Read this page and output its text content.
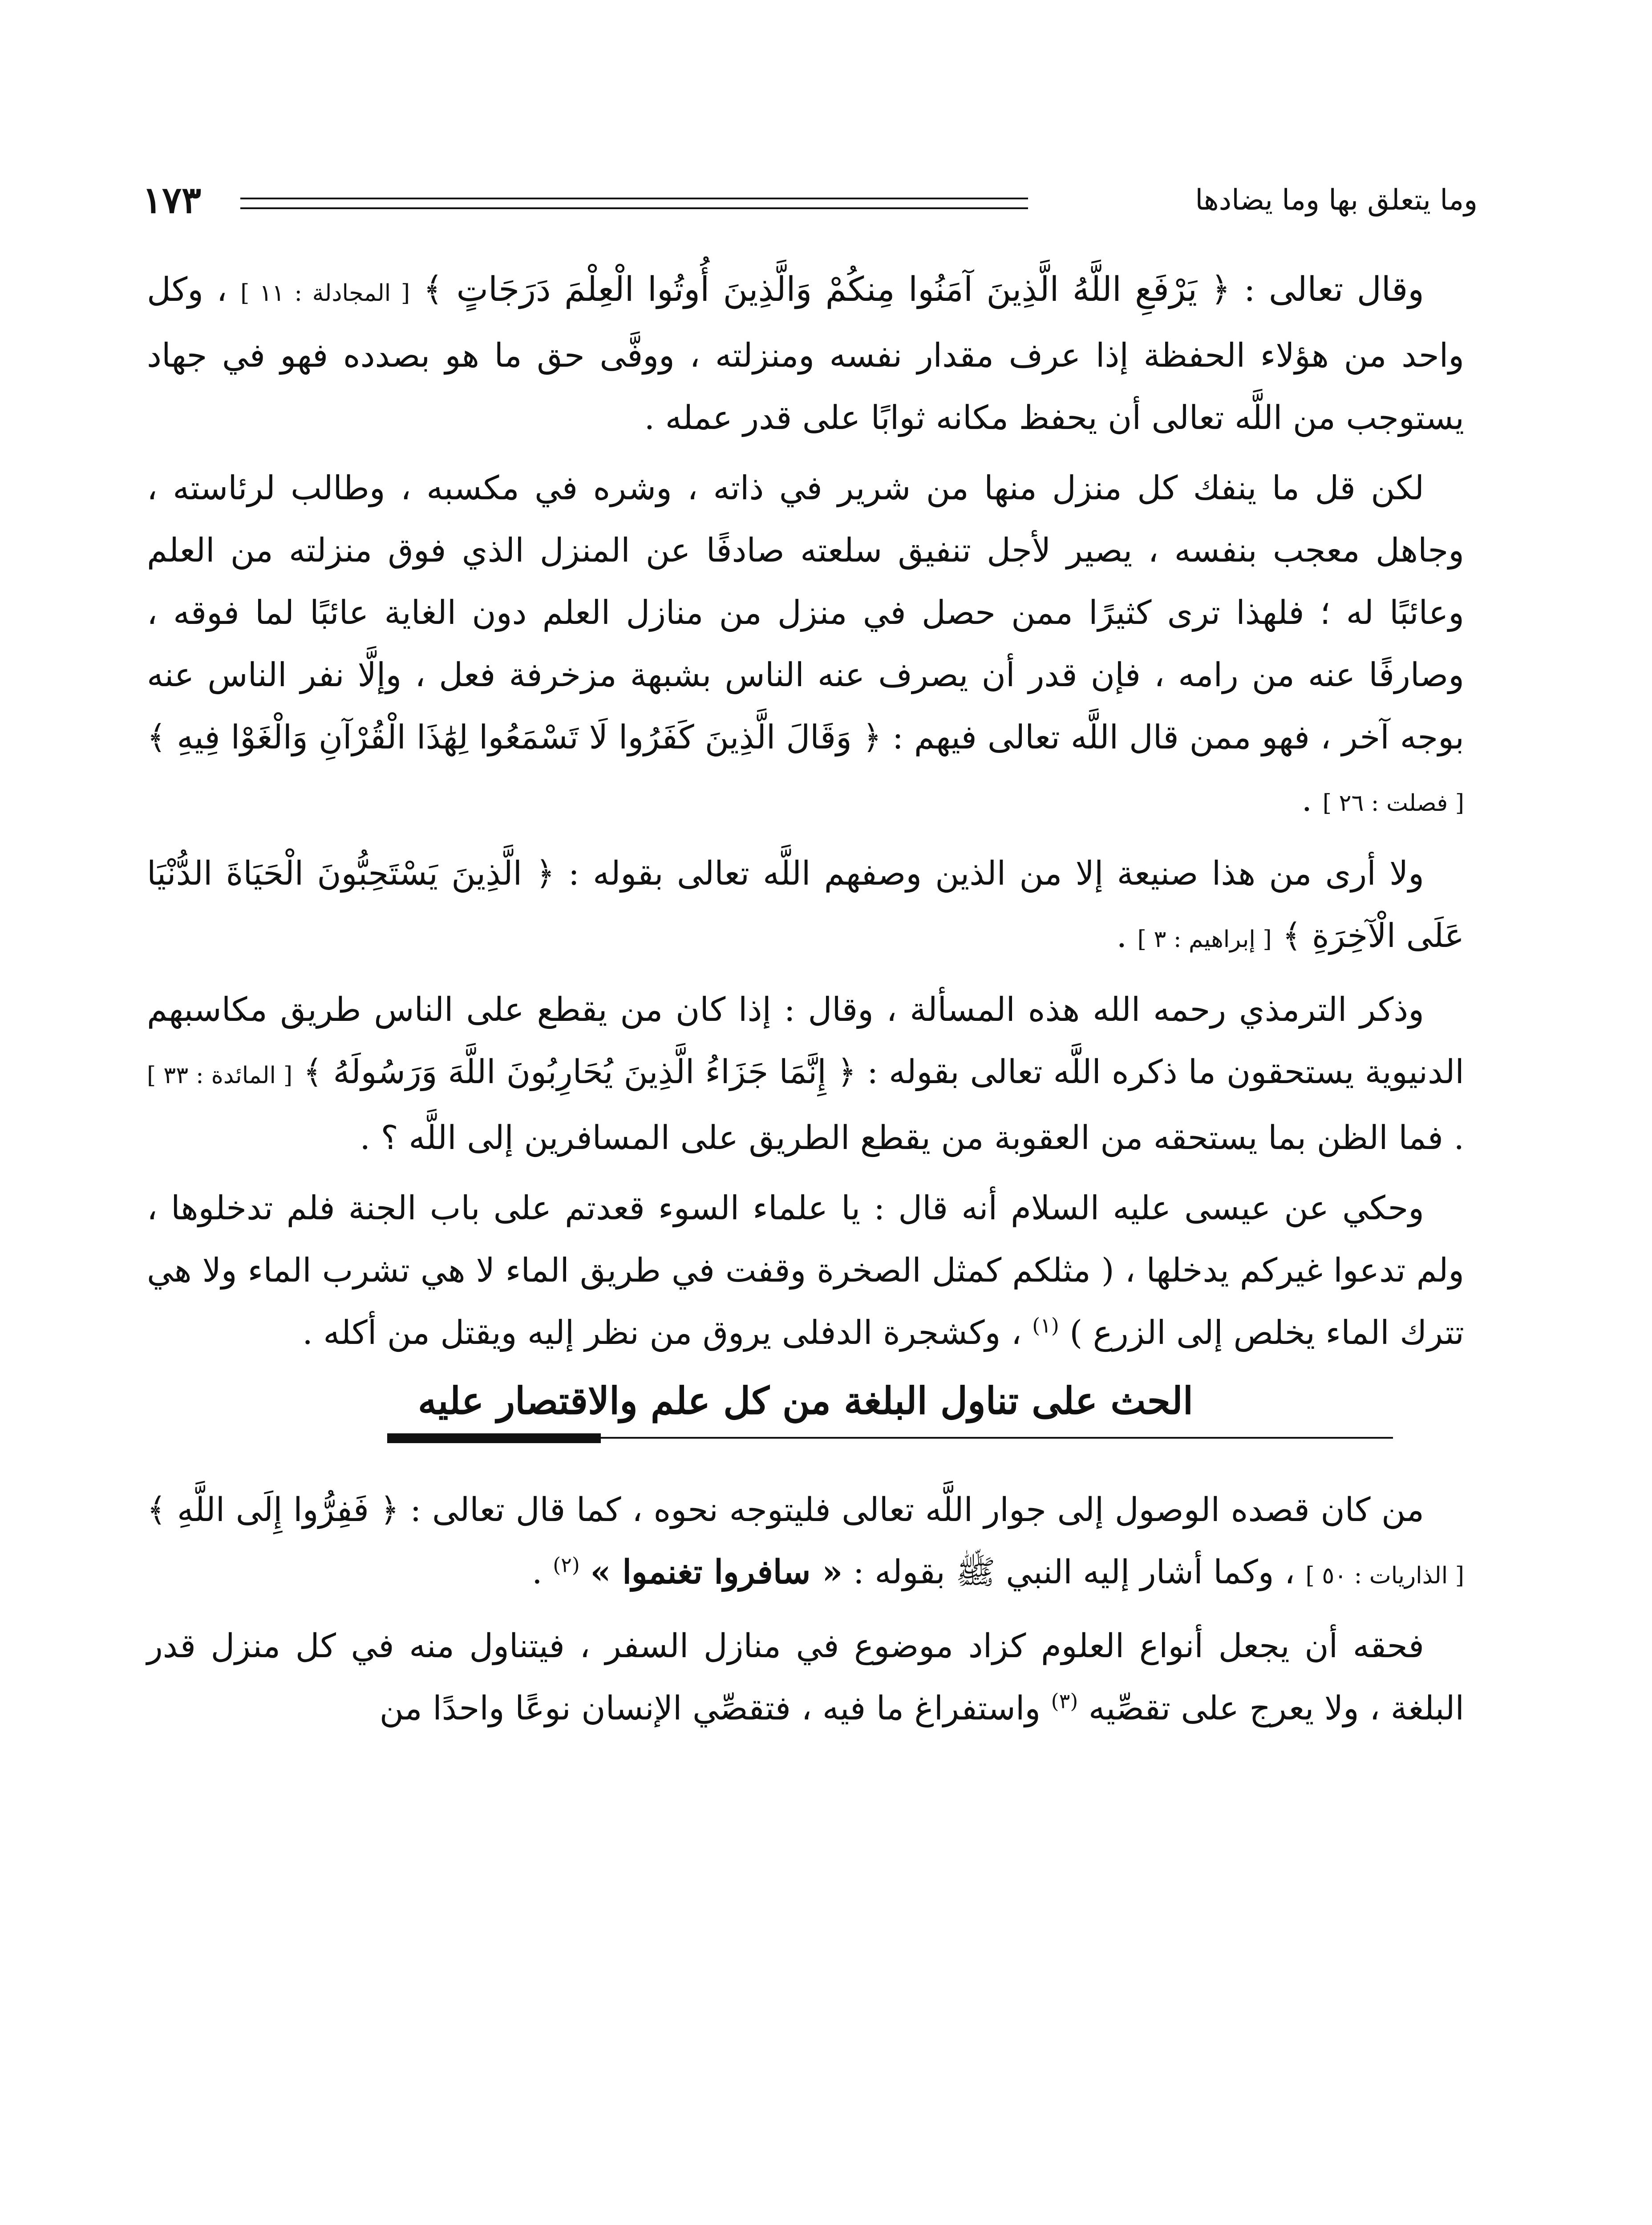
١٧٣	وما يتعلق بها وما يضادها

وقال تعالى : ﴿ يَرْفَعِ اللَّهُ الَّذِينَ آمَنُوا مِنكُمْ وَالَّذِينَ أُوتُوا الْعِلْمَ دَرَجَاتٍ ﴾ [ المجادلة : ١١ ] ، وكل واحد من هؤلاء الحفظة إذا عرف مقدار نفسه ومنزلته ، ووفَّى حق ما هو بصدده فهو في جهاد يستوجب من اللَّه تعالى أن يحفظ مكانه ثوابًا على قدر عمله .

لكن قل ما ينفك كل منزل منها من شرير في ذاته ، وشره في مكسبه ، وطالب لرئاسته ، وجاهل معجب بنفسه ، يصير لأجل تنفيق سلعته صادفًا عن المنزل الذي فوق منزلته من العلم وعائبًا له ؛ فلهذا ترى كثيرًا ممن حصل في منزل من منازل العلم دون الغاية عائبًا لما فوقه ، وصارفًا عنه من رامه ، فإن قدر أن يصرف عنه الناس بشبهة مزخرفة فعل ، وإلَّا نفر الناس عنه بوجه آخر ، فهو ممن قال اللَّه تعالى فيهم : ﴿ وَقَالَ الَّذِينَ كَفَرُوا لَا تَسْمَعُوا لِهَٰذَا الْقُرْآنِ وَالْغَوْا فِيهِ ﴾ [ فصلت : ٢٦ ] .

ولا أرى من هذا صنيعة إلا من الذين وصفهم اللَّه تعالى بقوله : ﴿ الَّذِينَ يَسْتَحِبُّونَ الْحَيَاةَ الدُّنْيَا عَلَى الْآخِرَةِ ﴾ [ إبراهيم : ٣ ] .

وذكر الترمذي رحمه الله هذه المسألة ، وقال : إذا كان من يقطع على الناس طريق مكاسبهم الدنيوية يستحقون ما ذكره اللَّه تعالى بقوله : ﴿ إِنَّمَا جَزَاءُ الَّذِينَ يُحَارِبُونَ اللَّهَ وَرَسُولَهُ ﴾ [ المائدة : ٣٣ ] . فما الظن بما يستحقه من العقوبة من يقطع الطريق على المسافرين إلى اللَّه ؟ .

وحكي عن عيسى عليه السلام أنه قال : يا علماء السوء قعدتم على باب الجنة فلم تدخلوها ، ولم تدعوا غيركم يدخلها ، ( مثلكم كمثل الصخرة وقفت في طريق الماء لا هي تشرب الماء ولا هي تترك الماء يخلص إلى الزرع ) $^{(١)}$ ، وكشجرة الدفلى يروق من نظر إليه ويقتل من أكله .

الحث على تناول البلغة من كل علم والاقتصار عليه

من كان قصده الوصول إلى جوار اللَّه تعالى فليتوجه نحوه ، كما قال تعالى : ﴿ فَفِرُّوا إِلَى اللَّهِ ﴾ [ الذاريات : ٥٠ ] ، وكما أشار إليه النبي ﷺ بقوله : « سافروا تغنموا » $^{(٢)}$ .

فحقه أن يجعل أنواع العلوم كزاد موضوع في منازل السفر ، فيتناول منه في كل منزل قدر البلغة ، ولا يعرج على تقصِّيه $^{(٣)}$ واستفراغ ما فيه ، فتقصِّي الإنسان نوعًا واحدًا من
